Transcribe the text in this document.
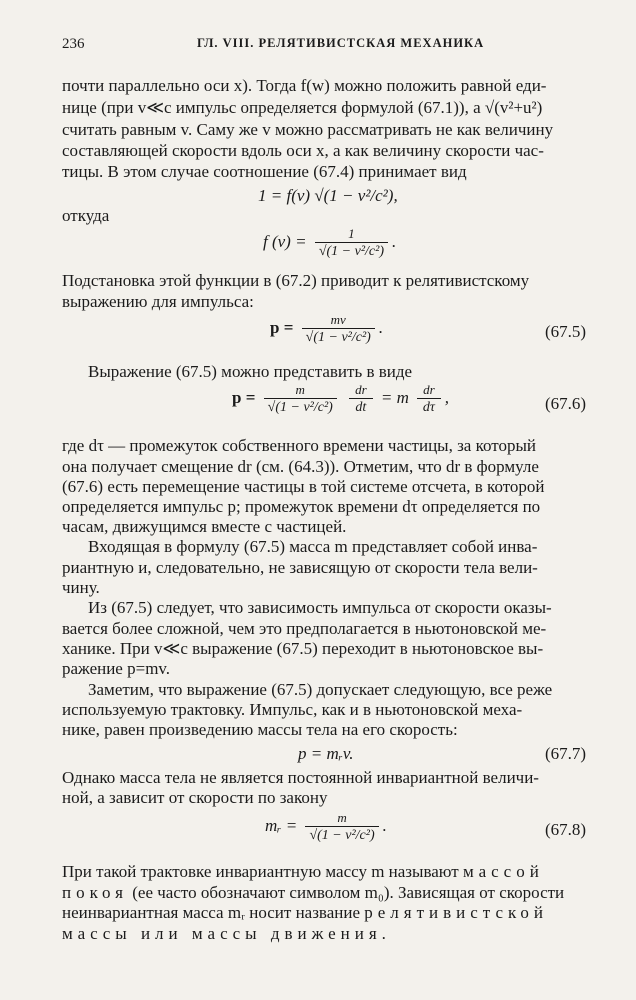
236	ГЛ. VIII. РЕЛЯТИВИСТСКАЯ МЕХАНИКА
почти параллельно оси x). Тогда f(w) можно положить равной еди-
нице (при v≪c импульс определяется формулой (67.1)), а √(v²+u²)
считать равным v. Саму же v можно рассматривать не как величину
составляющей скорости вдоль оси x, а как величину скорости час-
тицы. В этом случае соотношение (67.4) принимает вид
1 = f(v) √(1 − v²/c²),
откуда
f $(v) = \frac{1}{\text{√(1 − v²/c²)}}$ .
Подстановка этой функции в (67.2) приводит к релятивистскому
выражению для импульса:
$p = \frac{mv}{\text{√(1 − v²/c²)}}$ .	(67.5)
Выражение (67.5) можно представить в виде
$p = \frac{m}{\text{√(1 − v²/c²)}}$
$\frac{dr}{dt} = m \frac{dr}{d\tau}$ ,	(67.6)
где dτ — промежуток собственного времени частицы, за который
она получает смещение dr (см. (64.3)). Отметим, что dr в формуле
(67.6) есть перемещение частицы в той системе отсчета, в которой
определяется импульс p; промежуток времени dτ определяется по
часам, движущимся вместе с частицей.
Входящая в формулу (67.5) масса m представляет собой инва-
риантную и, следовательно, не зависящую от скорости тела вели-
чину.
Из (67.5) следует, что зависимость импульса от скорости оказы-
вается более сложной, чем это предполагается в ньютоновской ме-
ханике. При v≪c выражение (67.5) переходит в ньютоновское вы-
ражение p=mv.
Заметим, что выражение (67.5) допускает следующую, все реже
используемую трактовку. Импульс, как и в ньютоновской меха-
нике, равен произведению массы тела на его скорость:
p = mᵣv.	(67.7)
Однако масса тела не является постоянной инвариантной величи-
ной, а зависит от скорости по закону
mᵣ = $\frac{m}{\text{√(1 − v²/c²)}}$ .	(67.8)
При такой трактовке инвариантную массу m называют массой
покоя (ее часто обозначают символом m₀). Зависящая от скорости
неинвариантная масса mᵣ носит название релятивистской
массы или массы движения.
